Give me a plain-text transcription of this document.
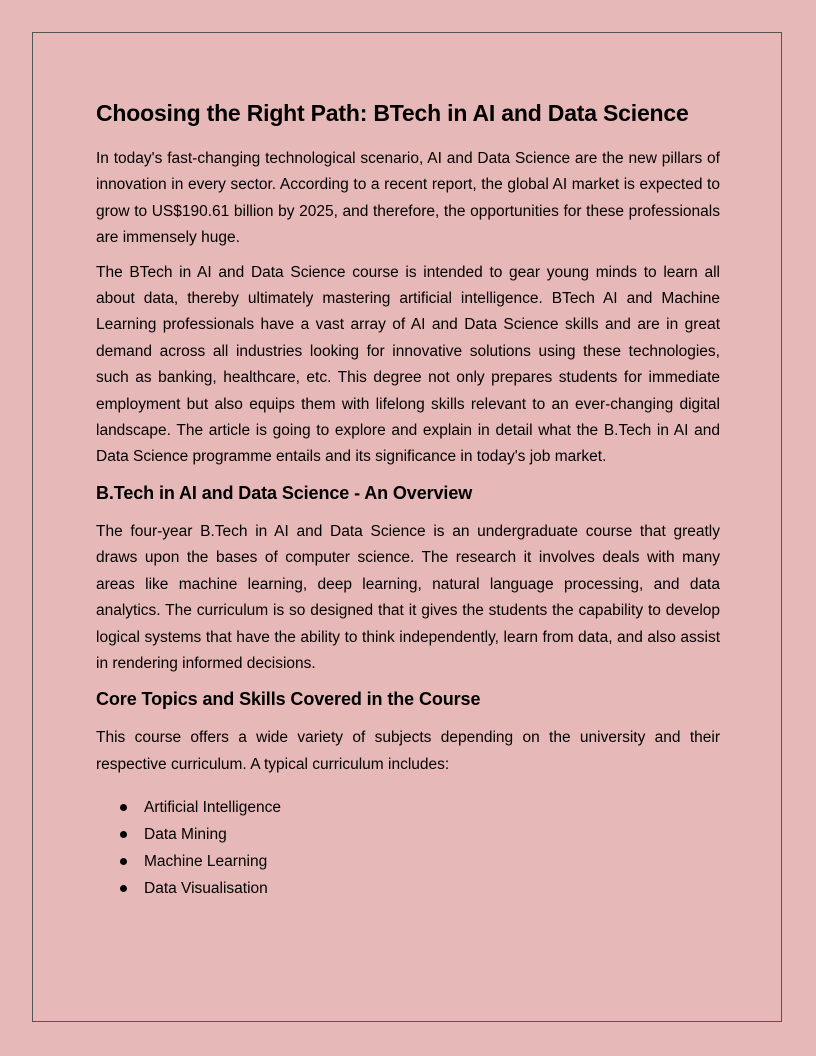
Choosing the Right Path: BTech in AI and Data Science

In today's fast-changing technological scenario, AI and Data Science are the new pillars of innovation in every sector. According to a recent report, the global AI market is expected to grow to US$190.61 billion by 2025, and therefore, the opportunities for these professionals are immensely huge.

The BTech in AI and Data Science course is intended to gear young minds to learn all about data, thereby ultimately mastering artificial intelligence. BTech AI and Machine Learning professionals have a vast array of AI and Data Science skills and are in great demand across all industries looking for innovative solutions using these technologies, such as banking, healthcare, etc. This degree not only prepares students for immediate employment but also equips them with lifelong skills relevant to an ever-changing digital landscape. The article is going to explore and explain in detail what the B.Tech in AI and Data Science programme entails and its significance in today's job market.

B.Tech in AI and Data Science - An Overview

The four-year B.Tech in AI and Data Science is an undergraduate course that greatly draws upon the bases of computer science. The research it involves deals with many areas like machine learning, deep learning, natural language processing, and data analytics. The curriculum is so designed that it gives the students the capability to develop logical systems that have the ability to think independently, learn from data, and also assist in rendering informed decisions.

Core Topics and Skills Covered in the Course

This course offers a wide variety of subjects depending on the university and their respective curriculum. A typical curriculum includes:

Artificial Intelligence
Data Mining
Machine Learning
Data Visualisation
